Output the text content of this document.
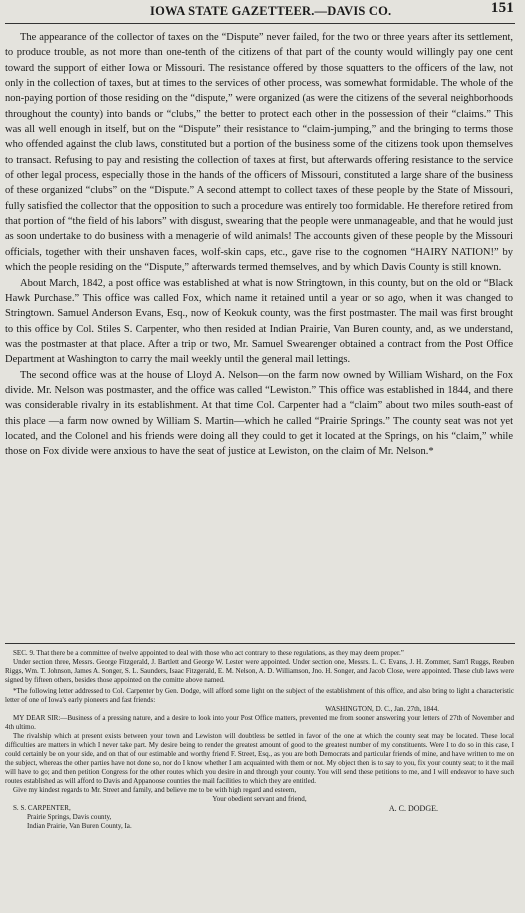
IOWA STATE GAZETTEER.—DAVIS CO.	151

The appearance of the collector of taxes on the “Dispute” never failed, for the two or three years after its settlement, to produce trouble, as not more than one-tenth of the citizens of that part of the county would willingly pay one cent toward the support of either Iowa or Missouri. The resistance offered by those squatters to the officers of the law, not only in the collection of taxes, but at times to the services of other process, was somewhat formidable. The whole of the non-paying portion of those residing on the “dispute,” were organized (as were the citizens of the several neighborhoods throughout the county) into bands or “clubs,” the better to protect each other in the possession of their “claims.” This was all well enough in itself, but on the “Dispute” their resistance to “claim-jumping,” and the bringing to terms those who offended against the club laws, constituted but a portion of the business some of the citizens took upon themselves to transact. Refusing to pay and resisting the collection of taxes at first, but afterwards offering resistance to the service of other legal process, especially those in the hands of the officers of Missouri, constituted a large share of the business of these organized “clubs” on the “Dispute.” A second attempt to collect taxes of these people by the State of Missouri, fully satisfied the collector that the opposition to such a procedure was entirely too formidable. He therefore retired from that portion of “the field of his labors” with disgust, swearing that the people were unmanageable, and that he would just as soon undertake to do business with a menagerie of wild animals! The accounts given of these people by the Missouri officials, together with their unshaven faces, wolf-skin caps, etc., gave rise to the cognomen “HAIRY NATION!” by which the people residing on the “Dispute,” afterwards termed themselves, and by which Davis County is still known.

About March, 1842, a post office was established at what is now Stringtown, in this county, but on the old or “Black Hawk Purchase.” This office was called Fox, which name it retained until a year or so ago, when it was changed to Stringtown. Samuel Anderson Evans, Esq., now of Keokuk county, was the first postmaster. The mail was first brought to this office by Col. Stiles S. Carpenter, who then resided at Indian Prairie, Van Buren county, and, as we understand, was the postmaster at that place. After a trip or two, Mr. Samuel Swearenger obtained a contract from the Post Office Department at Washington to carry the mail weekly until the general mail lettings.

The second office was at the house of Lloyd A. Nelson—on the farm now owned by William Wishard, on the Fox divide. Mr. Nelson was postmaster, and the office was called “Lewiston.” This office was established in 1844, and there was considerable rivalry in its establishment. At that time Col. Carpenter had a “claim” about two miles south-east of this place —a farm now owned by William S. Martin—which he called “Prairie Springs.” The county seat was not yet located, and the Colonel and his friends were doing all they could to get it located at the Springs, on his “claim,” while those on Fox divide were anxious to have the seat of justice at Lewiston, on the claim of Mr. Nelson.*

SEC. 9. That there be a committee of twelve appointed to deal with those who act contrary to these regulations, as they may deem proper.”

Under section three, Messrs. George Fitzgerald, J. Bartlett and George W. Lester were appointed. Under section one, Messrs. L. C. Evans, J. H. Zommer, Sam'l Ruggs, Reuben Riggs, Wm. T. Johnson, James A. Songer, S. L. Saunders, Isaac Fitzgerald, E. M. Nelson, A. D. Williamson, Jno. H. Songer, and Jacob Close, were appointed. These club laws were signed by fifteen others, besides those appointed on the comitte above named.

*The following letter addressed to Col. Carpenter by Gen. Dodge, will afford some light on the subject of the establishment of this office, and also bring to light a characteristic letter of one of Iowa's early pioneers and fast friends:

WASHINGTON, D. C., Jan. 27th, 1844.

MY DEAR SIR:—Business of a pressing nature, and a desire to look into your Post Office matters, prevented me from sooner answering your letters of 27th of November and 4th ultimo.

The rivalship which at present exists between your town and Lewiston will doubtless be settled in favor of the one at which the county seat may be located. These local difficulties are matters in which I never take part. My desire being to render the greatest amount of good to the greatest number of my constituents. Were I to do so in this case, I could certainly be on your side, and on that of our estimable and worthy friend F. Street, Esq., as you are both Democrats and particular friends of mine, and have written to me on the subject, whereas the other parties have not done so, nor do I know whether I am acquainted with them or not. My object then is to say to you, fix your county seat; to it the mail will have to go; and then petition Congress for the other routes which you desire in and through your county. You will send these petitions to me, and I will endeavor to have such routes established as will afford to Davis and Appanoose counties the mail facilities to which they are entitled.

Give my kindest regards to Mr. Street and family, and believe me to be with high regard and esteem,

Your obedient servant and friend,
S. S. CARPENTER,	A. C. DODGE.
Prairie Springs, Davis county,
Indian Prairie, Van Buren County, Ia.
